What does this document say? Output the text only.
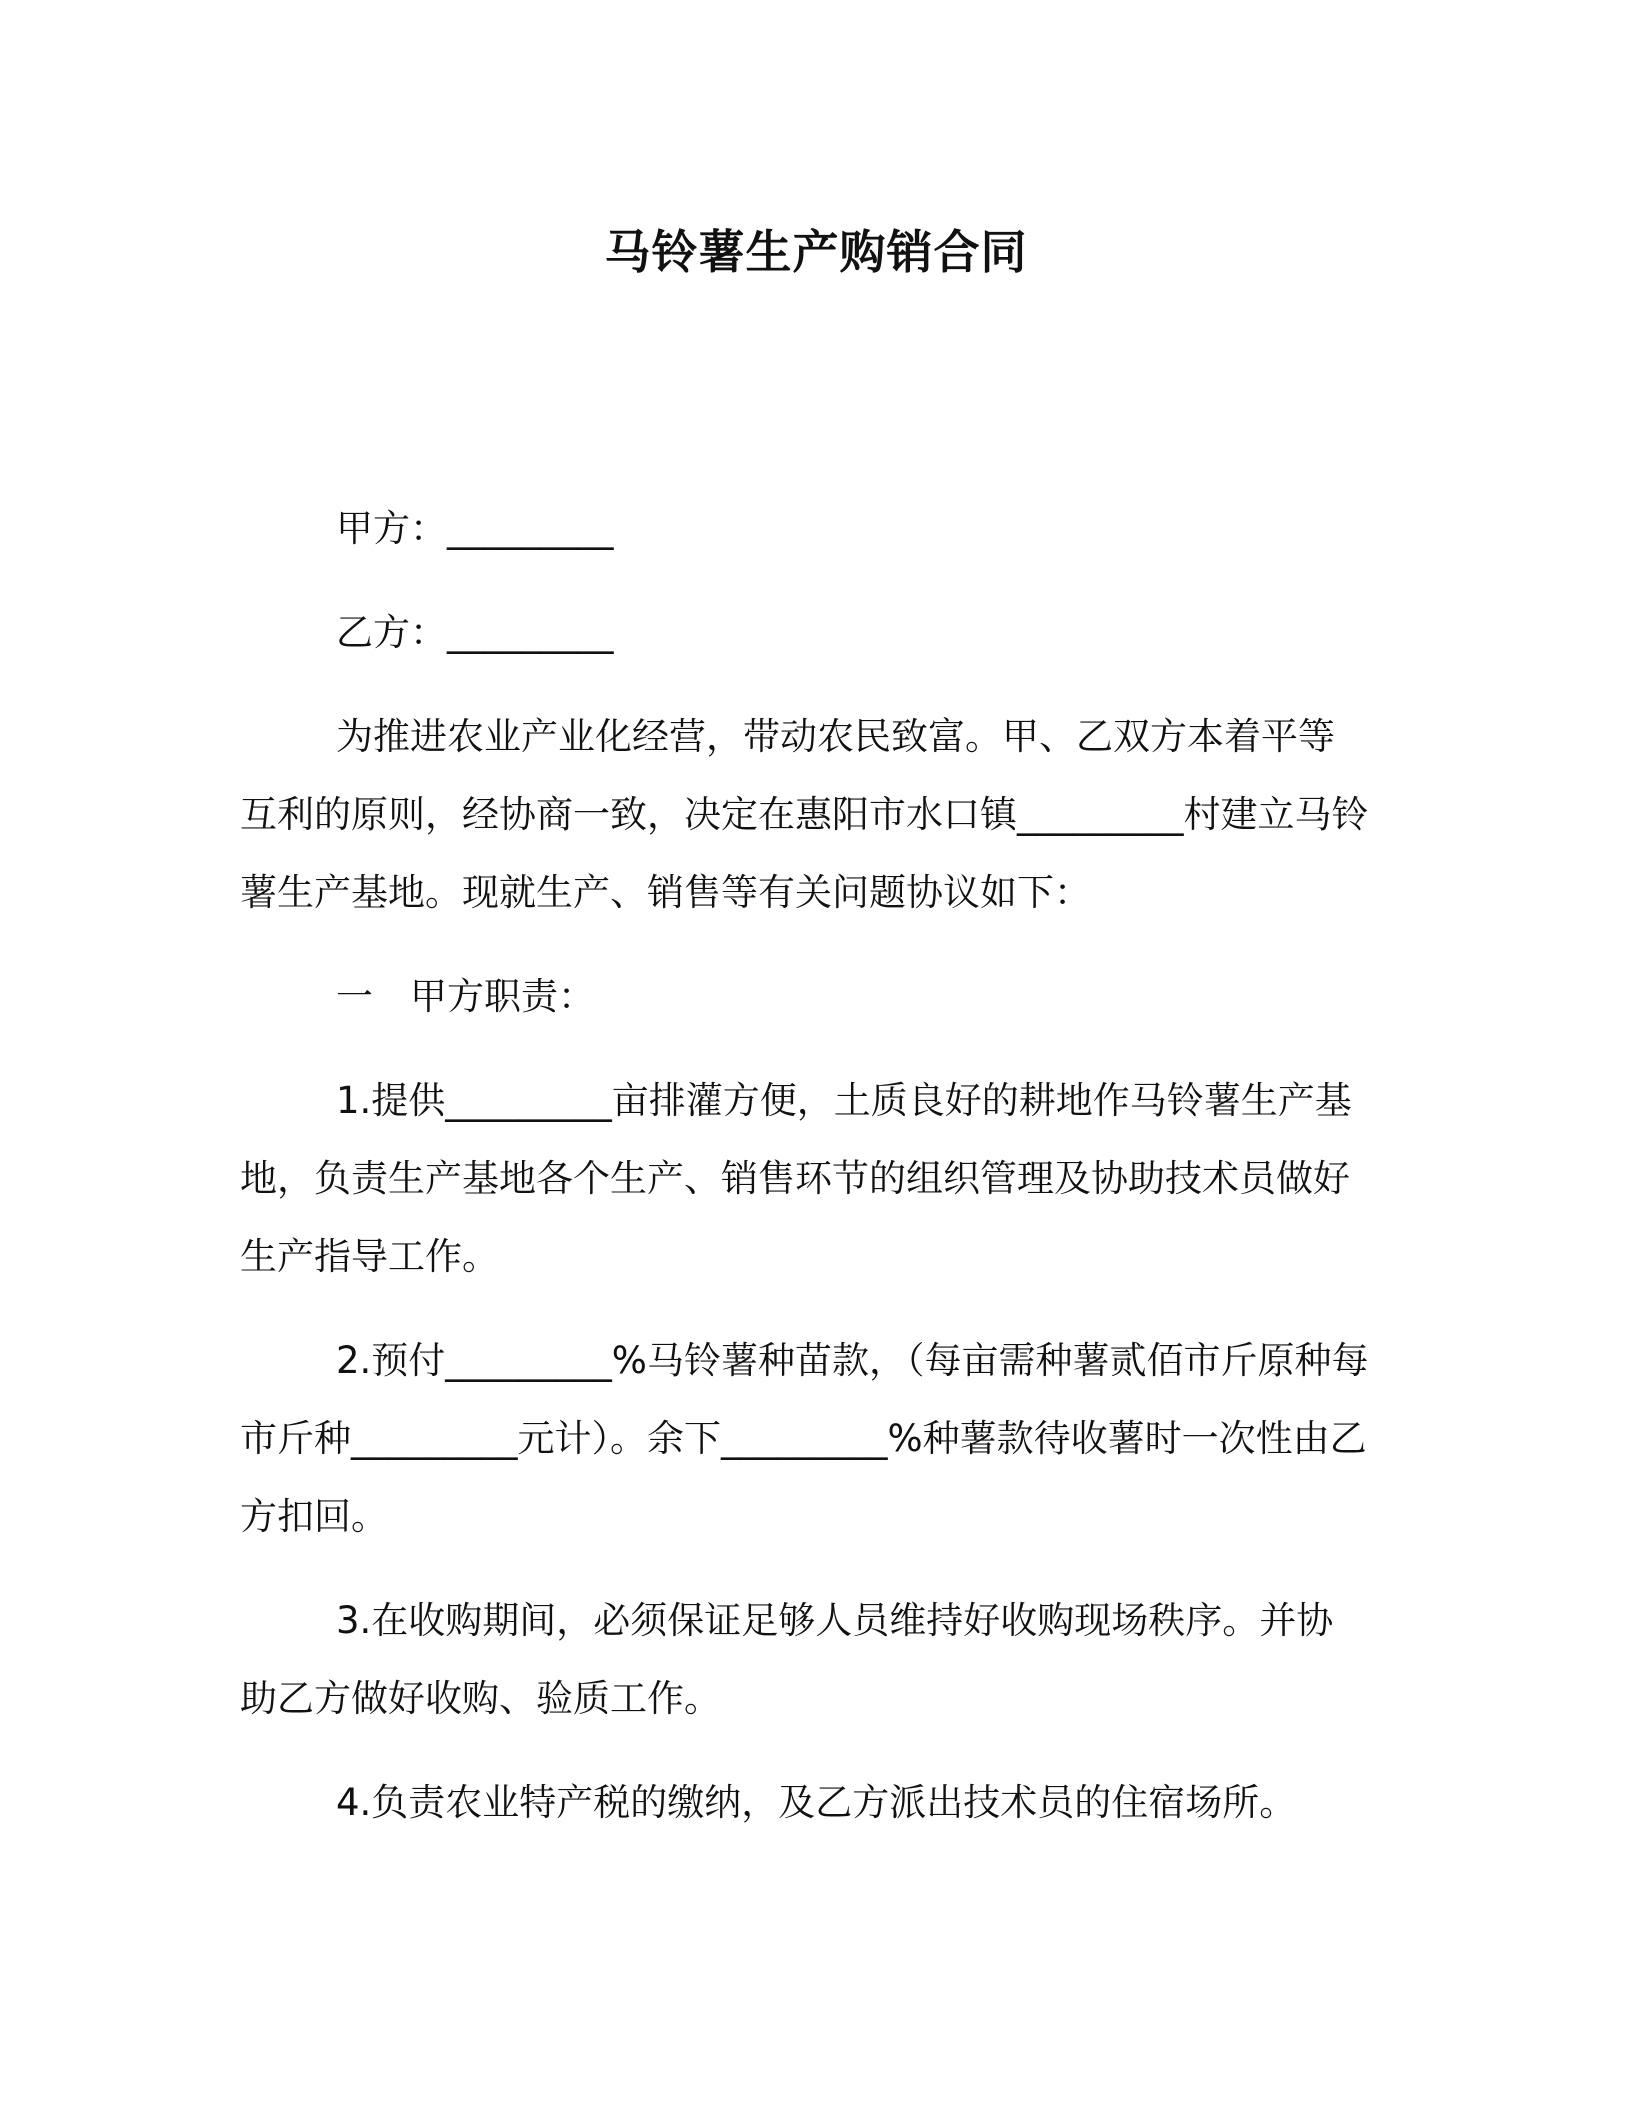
马铃薯生产购销合同

甲方：_________

乙方：_________

为推进农业产业化经营，带动农民致富。甲、乙双方本着平等互利的原则，经协商一致，决定在惠阳市水口镇_________村建立马铃薯生产基地。现就生产、销售等有关问题协议如下：

一　甲方职责：

1.提供_________亩排灌方便，土质良好的耕地作马铃薯生产基地，负责生产基地各个生产、销售环节的组织管理及协助技术员做好生产指导工作。

2.预付_________%马铃薯种苗款，（每亩需种薯贰佰市斤原种每市斤种_________元计）。余下_________%种薯款待收薯时一次性由乙方扣回。

3.在收购期间，必须保证足够人员维持好收购现场秩序。并协助乙方做好收购、验质工作。

4.负责农业特产税的缴纳，及乙方派出技术员的住宿场所。
